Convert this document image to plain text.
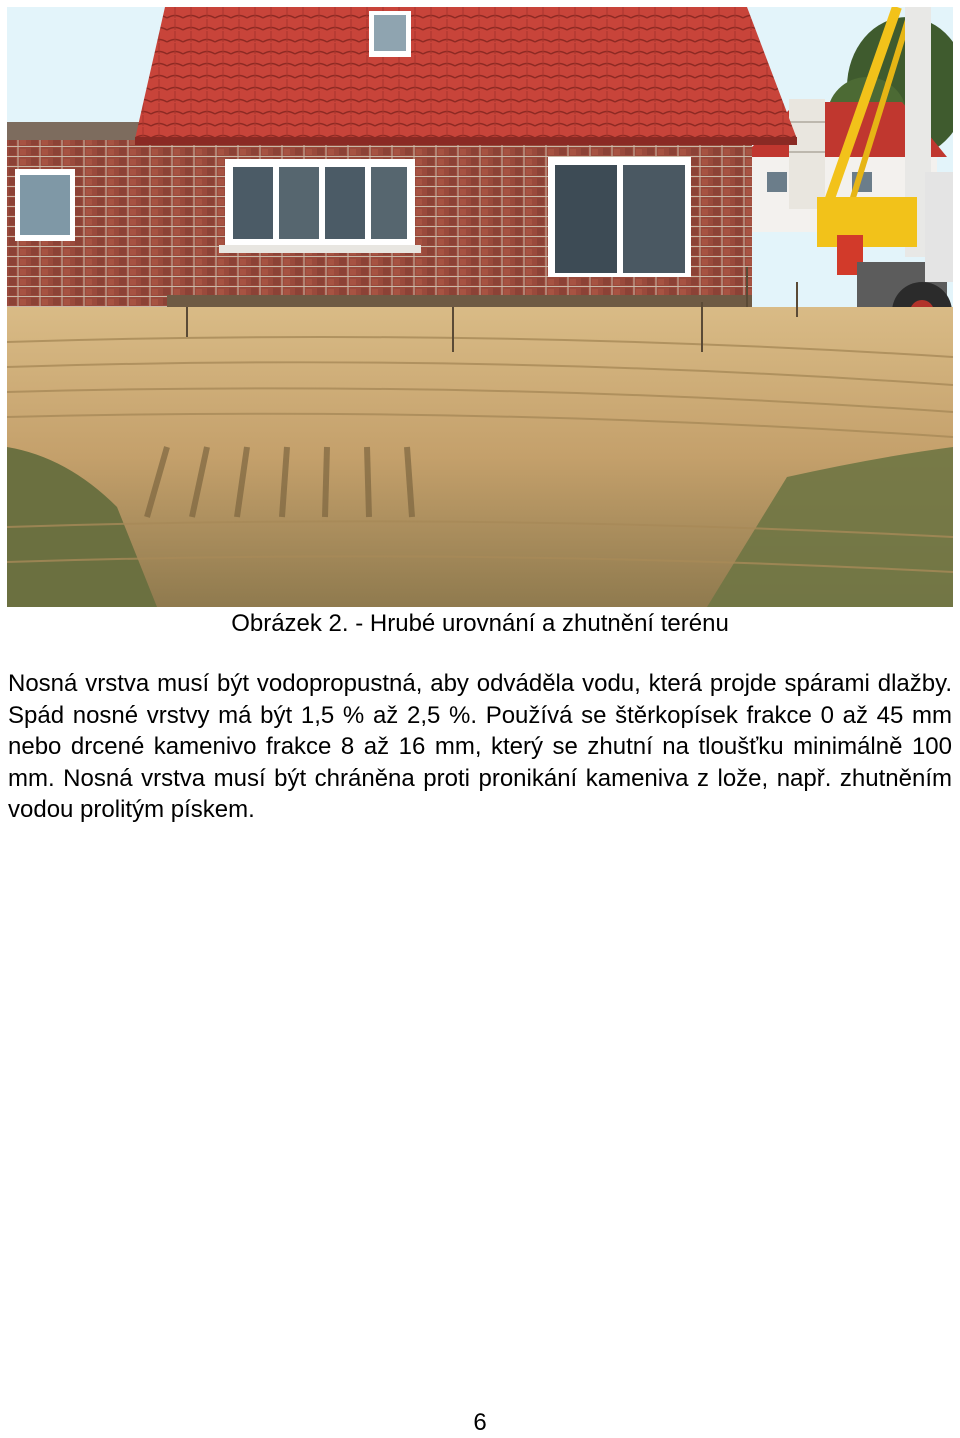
Obrázek 2. - Hrubé urovnání a zhutnění terénu
Nosná vrstva musí být vodopropustná, aby odváděla vodu, která projde spárami dlažby. Spád nosné vrstvy má být 1,5 % až 2,5 %. Používá se štěrkopísek frakce 0 až 45 mm nebo drcené kamenivo frakce 8 až 16 mm, který se zhutní na tloušťku minimálně 100 mm. Nosná vrstva musí být chráněna proti pronikání kameniva z lože, např. zhutněním vodou prolitým pískem.
6
